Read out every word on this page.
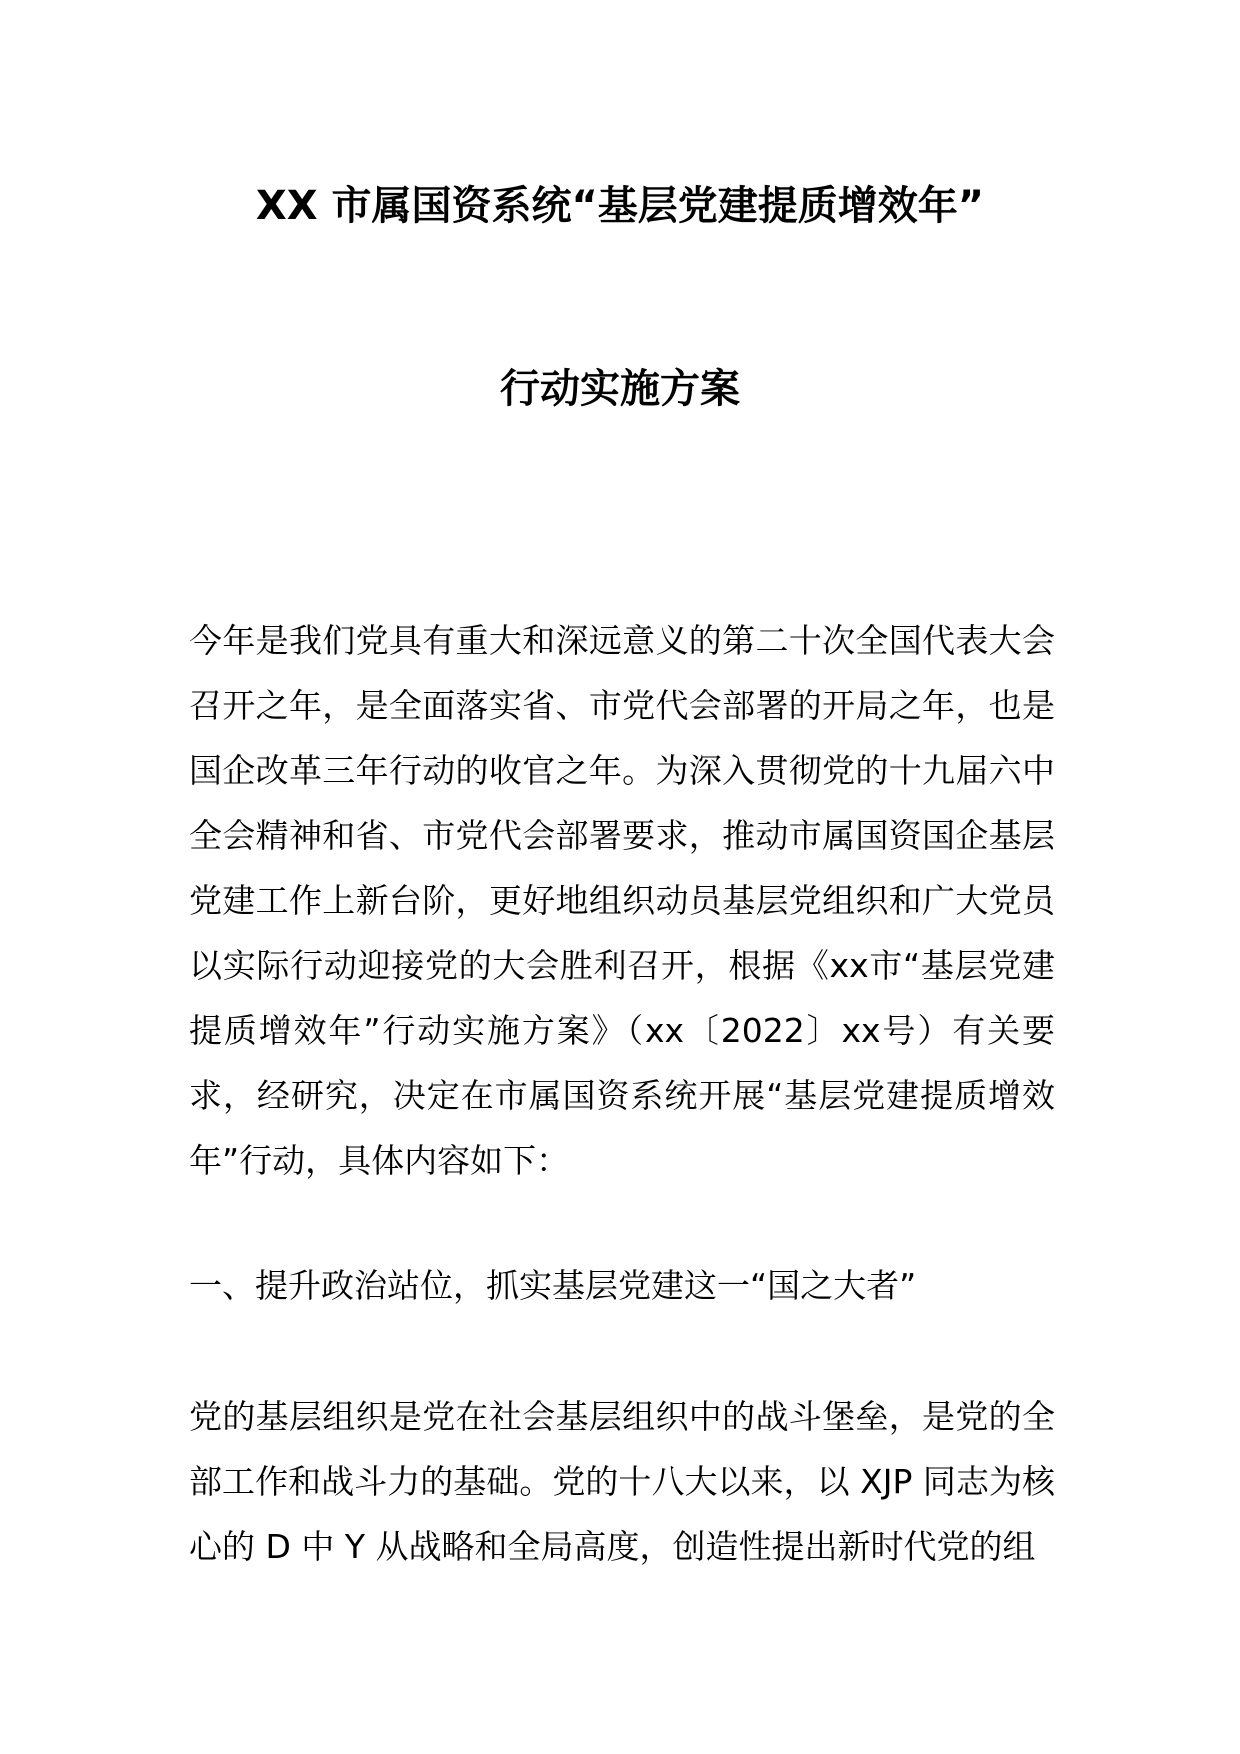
XX 市属国资系统“基层党建提质增效年”
行动实施方案

今年是我们党具有重大和深远意义的第二十次全国代表大会召开之年，是全面落实省、市党代会部署的开局之年，也是国企改革三年行动的收官之年。为深入贯彻党的十九届六中全会精神和省、市党代会部署要求，推动市属国资国企基层党建工作上新台阶，更好地组织动员基层党组织和广大党员以实际行动迎接党的大会胜利召开，根据《xx市“基层党建提质增效年”行动实施方案》（xx〔2022〕xx号）有关要求，经研究，决定在市属国资系统开展“基层党建提质增效年”行动，具体内容如下：

一、提升政治站位，抓实基层党建这一“国之大者”

党的基层组织是党在社会基层组织中的战斗堡垒，是党的全部工作和战斗力的基础。党的十八大以来，以 XJP 同志为核心的 D 中 Y 从战略和全局高度，创造性提出新时代党的组
